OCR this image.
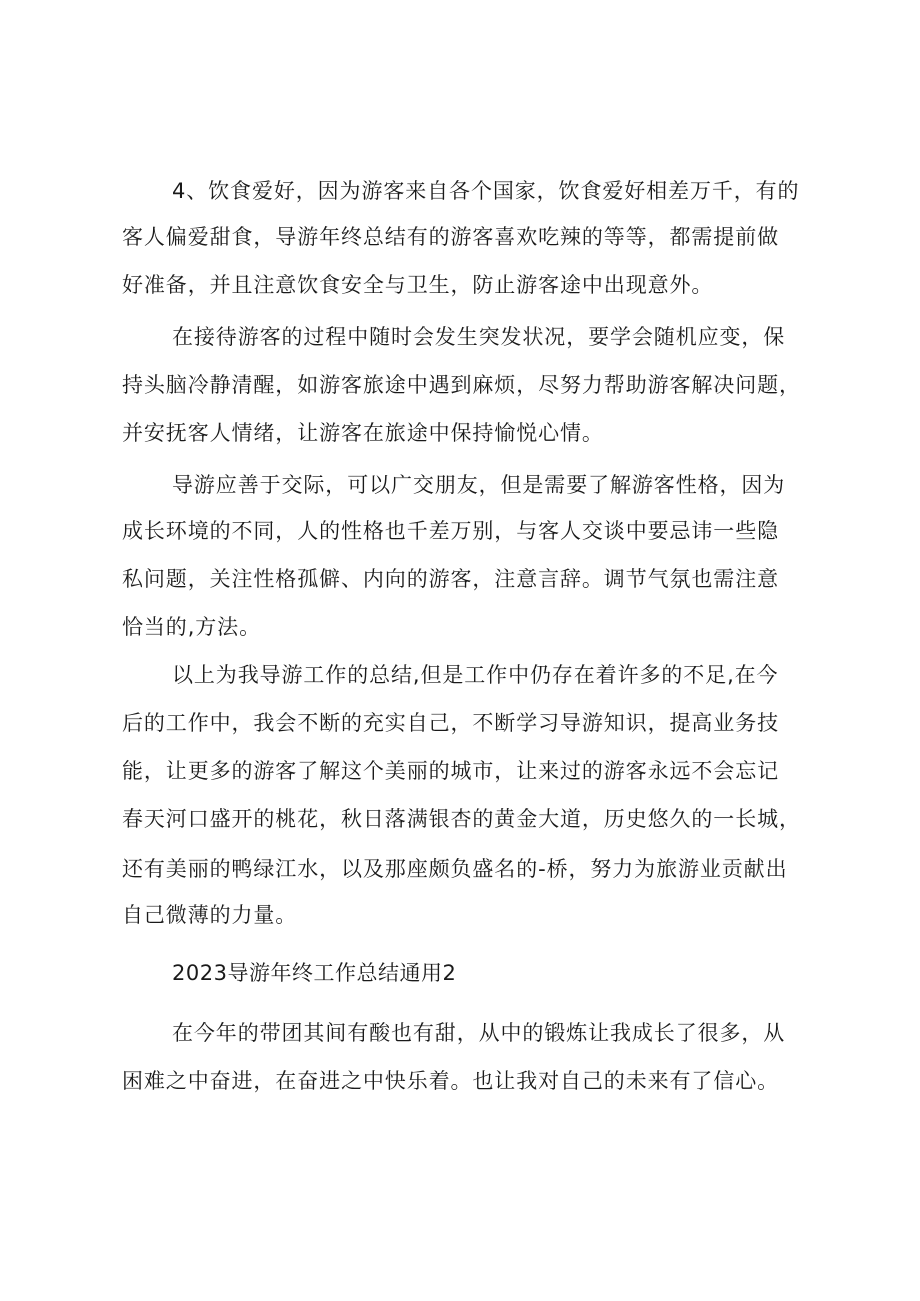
4、饮食爱好，因为游客来自各个国家，饮食爱好相差万千，有的
客人偏爱甜食，导游年终总结有的游客喜欢吃辣的等等，都需提前做
好准备，并且注意饮食安全与卫生，防止游客途中出现意外。
在接待游客的过程中随时会发生突发状况，要学会随机应变，保
持头脑冷静清醒，如游客旅途中遇到麻烦，尽努力帮助游客解决问题，
并安抚客人情绪，让游客在旅途中保持愉悦心情。
导游应善于交际，可以广交朋友，但是需要了解游客性格，因为
成长环境的不同，人的性格也千差万别，与客人交谈中要忌讳一些隐
私问题，关注性格孤僻、内向的游客，注意言辞。调节气氛也需注意
恰当的,方法。
以上为我导游工作的总结,但是工作中仍存在着许多的不足,在今
后的工作中，我会不断的充实自己，不断学习导游知识，提高业务技
能，让更多的游客了解这个美丽的城市，让来过的游客永远不会忘记
春天河口盛开的桃花，秋日落满银杏的黄金大道，历史悠久的一长城，
还有美丽的鸭绿江水，以及那座颇负盛名的-桥，努力为旅游业贡献出
自己微薄的力量。
2023导游年终工作总结通用2
在今年的带团其间有酸也有甜，从中的锻炼让我成长了很多，从
困难之中奋进，在奋进之中快乐着。也让我对自己的未来有了信心。
